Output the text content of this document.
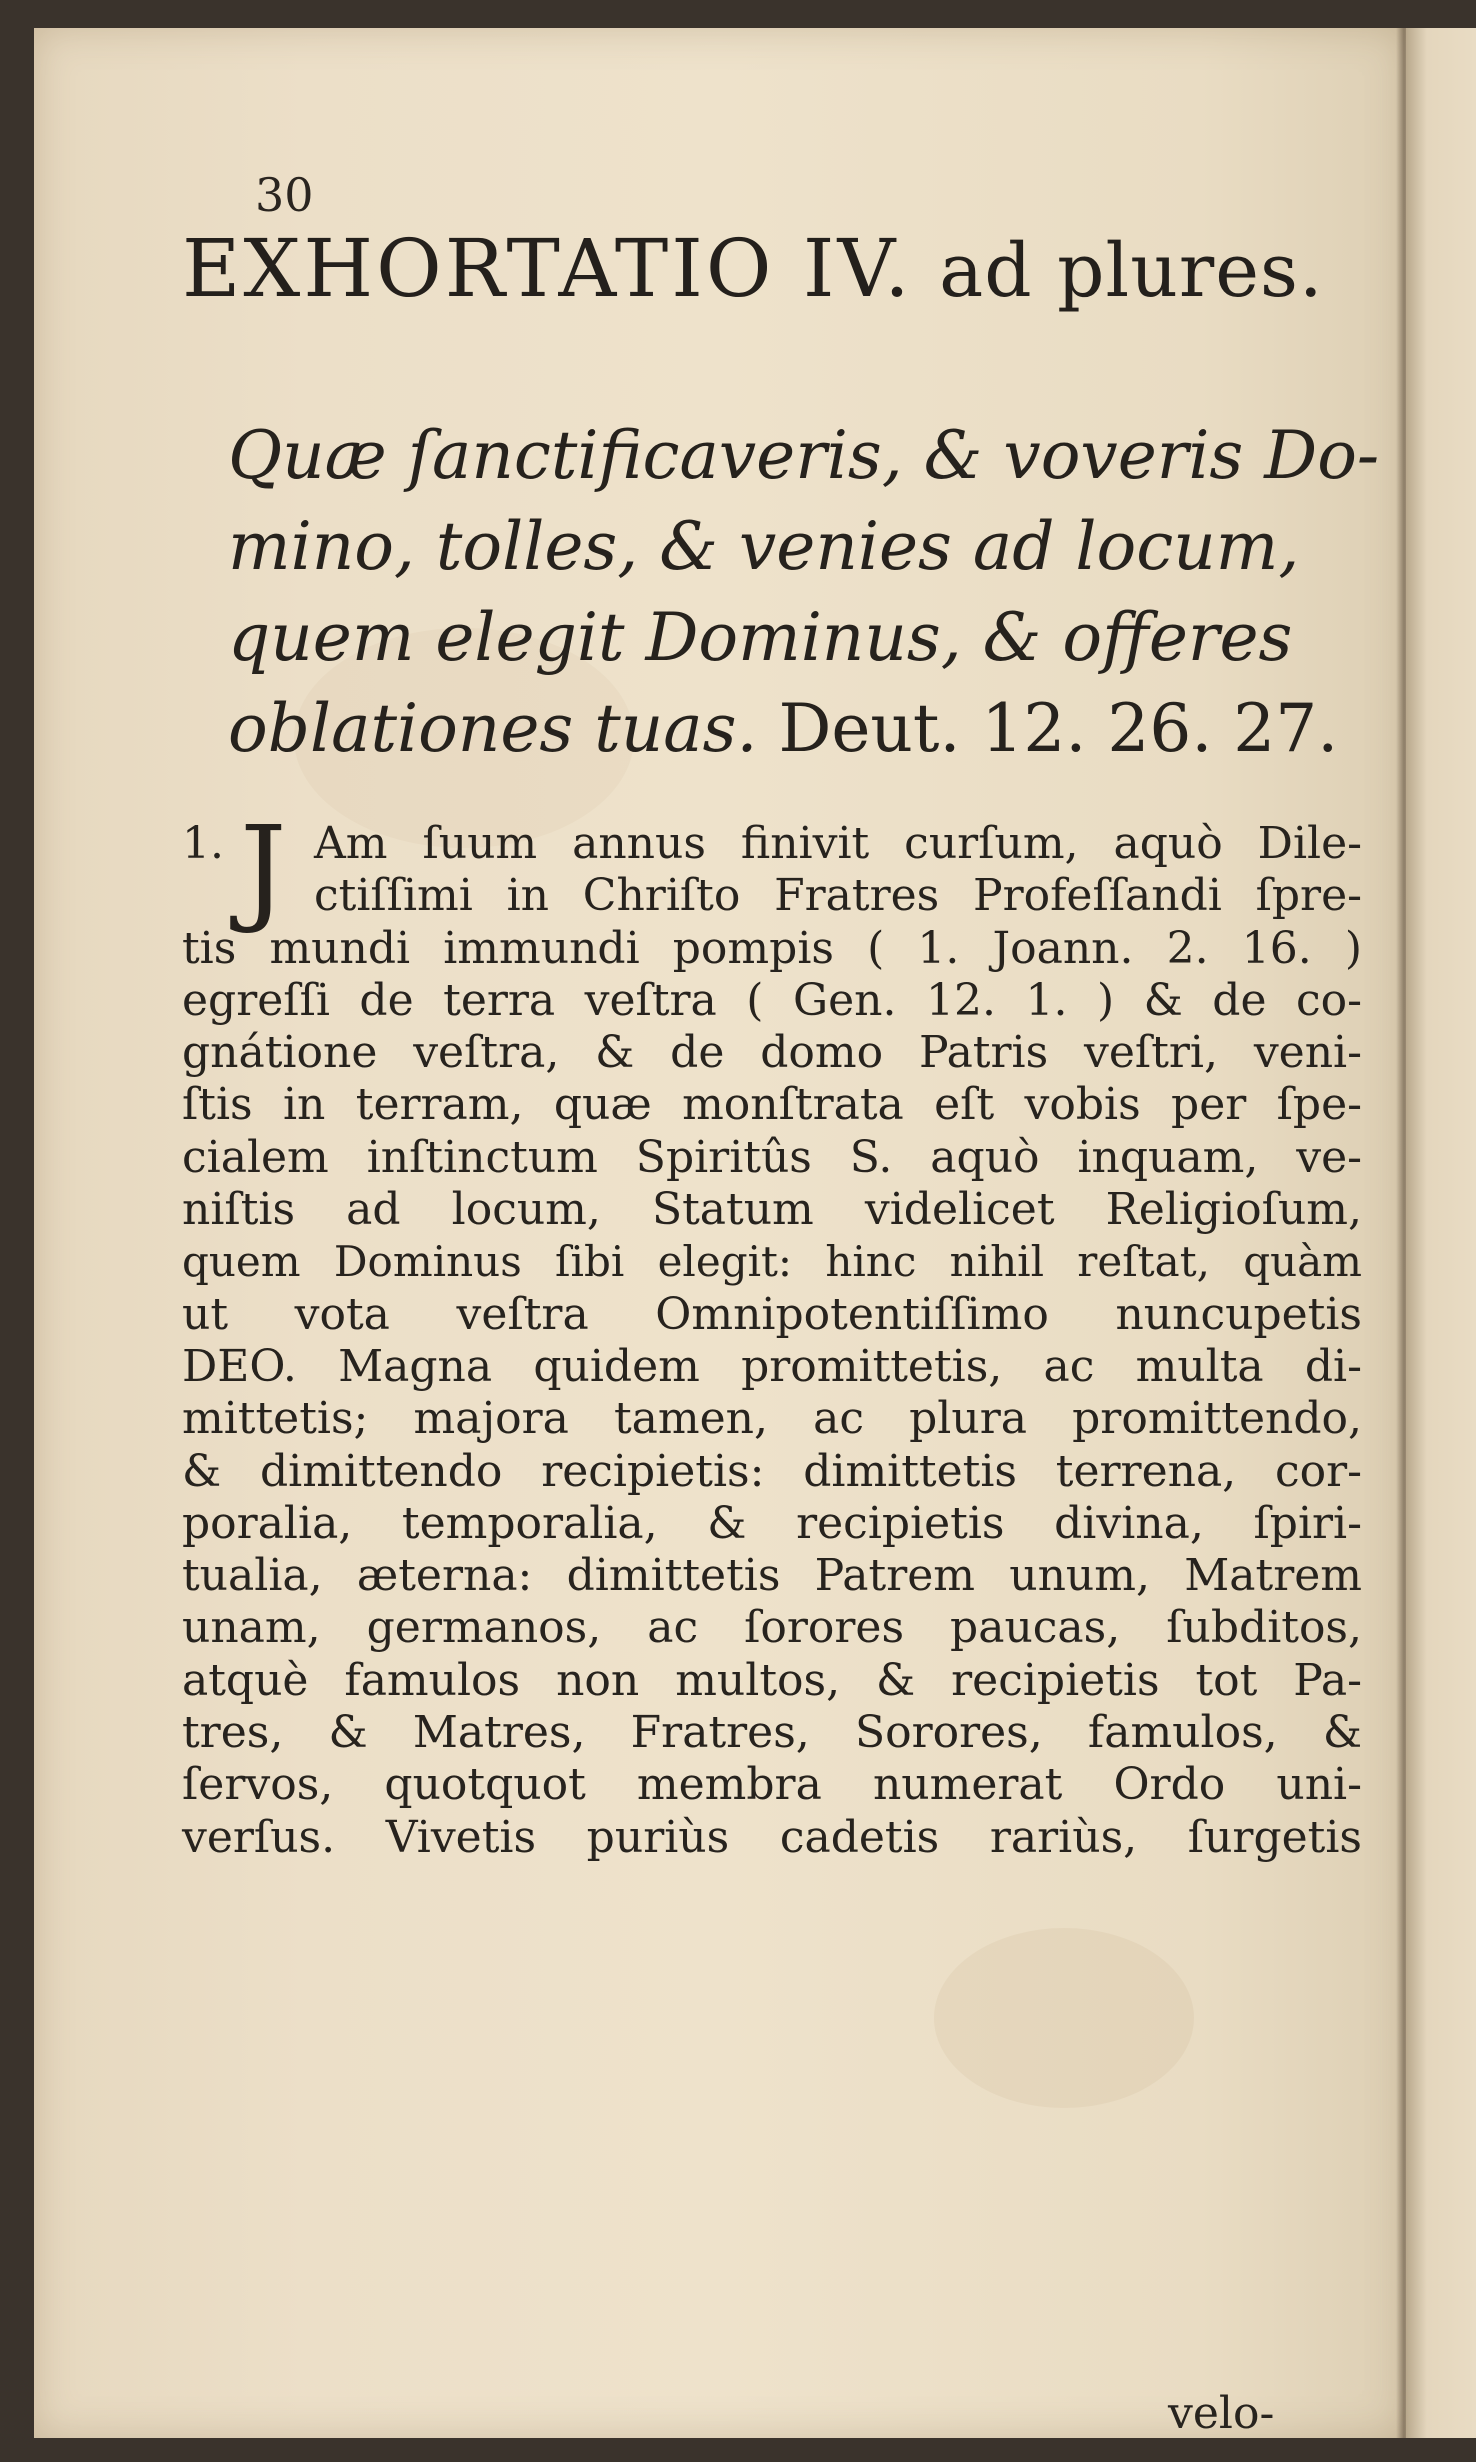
30
EXHORTATIO IV. ad plures.
Quæ ſanctificaveris, & voveris Do-
mino, tolles, & venies ad locum,
quem elegit Dominus, & offeres
oblationes tuas. Deut. 12. 26. 27.
1. J Am ſuum annus finivit curſum, aquò Dile-
ctiſſimi in Chriſto Fratres Profeſſandi ſpre-
tis mundi immundi pompis ( 1. Joann. 2. 16. )
egreſſi de terra veſtra ( Gen. 12. 1. ) & de co-
gnátione veſtra, & de domo Patris veſtri, veni-
ſtis in terram, quæ monſtrata eſt vobis per ſpe-
cialem inſtinctum Spiritûs S. aquò inquam, ve-
niſtis ad locum, Statum videlicet Religioſum,
quem Dominus ſibi elegit: hinc nihil reſtat, quàm
ut vota veſtra Omnipotentiſſimo nuncupetis
DEO. Magna quidem promittetis, ac multa di-
mittetis; majora tamen, ac plura promittendo,
& dimittendo recipietis: dimittetis terrena, cor-
poralia, temporalia, & recipietis divina, ſpiri-
tualia, æterna: dimittetis Patrem unum, Matrem
unam, germanos, ac ſorores paucas, ſubditos,
atquè famulos non multos, & recipietis tot Pa-
tres, & Matres, Fratres, Sorores, famulos, &
ſervos, quotquot membra numerat Ordo uni-
verſus. Vivetis puriùs cadetis rariùs, ſurgetis
velo-
